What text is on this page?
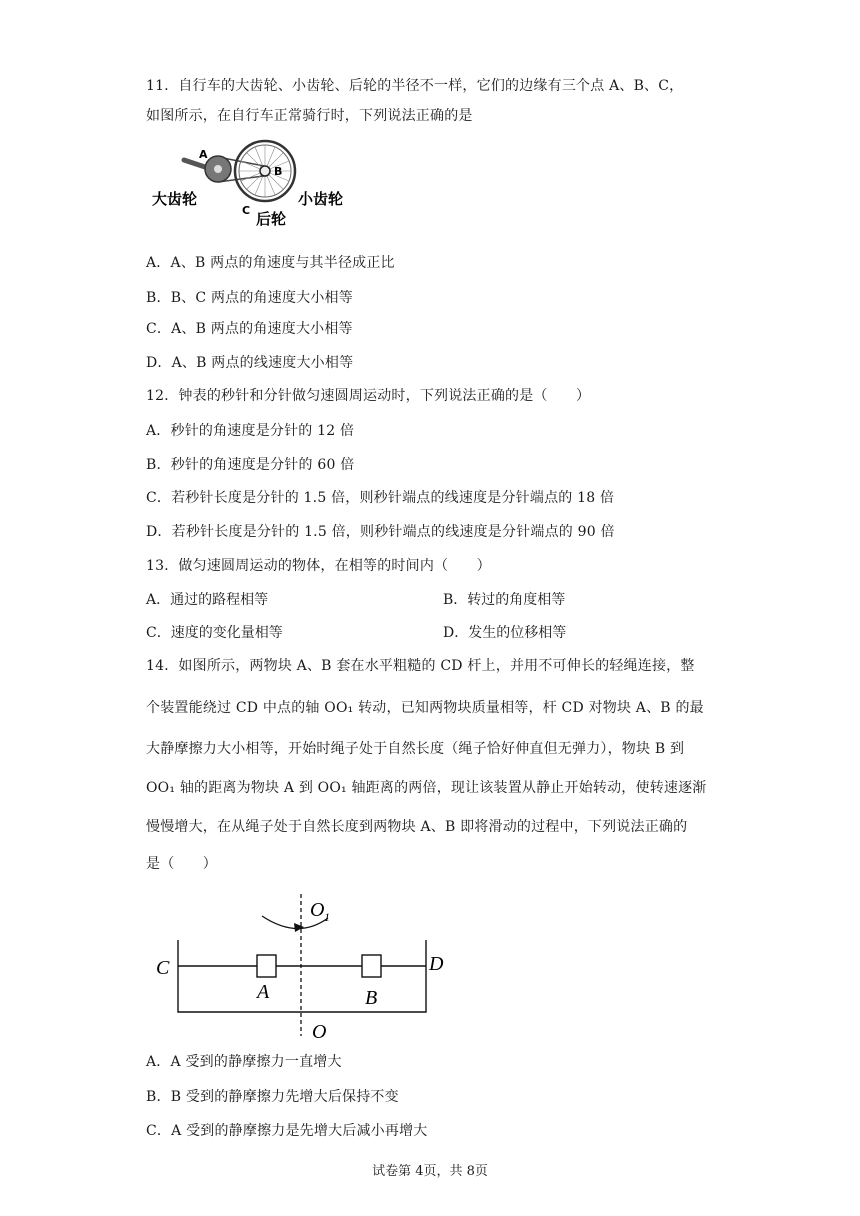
11．自行车的大齿轮、小齿轮、后轮的半径不一样，它们的边缘有三个点 A、B、C，
如图所示，在自行车正常骑行时，下列说法正确的是
A
B
C
大齿轮	小齿轮
后轮
A．A、B 两点的角速度与其半径成正比
B．B、C 两点的角速度大小相等
C．A、B 两点的角速度大小相等
D．A、B 两点的线速度大小相等
12．钟表的秒针和分针做匀速圆周运动时，下列说法正确的是（　　）
A．秒针的角速度是分针的 12 倍
B．秒针的角速度是分针的 60 倍
C．若秒针长度是分针的 1.5 倍，则秒针端点的线速度是分针端点的 18 倍
D．若秒针长度是分针的 1.5 倍，则秒针端点的线速度是分针端点的 90 倍
13．做匀速圆周运动的物体，在相等的时间内（　　）
A．通过的路程相等	B．转过的角度相等
C．速度的变化量相等	D．发生的位移相等
14．如图所示，两物块 A、B 套在水平粗糙的 CD 杆上，并用不可伸长的轻绳连接，整
个装置能绕过 CD 中点的轴 OO₁ 转动，已知两物块质量相等，杆 CD 对物块 A、B 的最
大静摩擦力大小相等，开始时绳子处于自然长度（绳子恰好伸直但无弹力），物块 B 到
OO₁ 轴的距离为物块 A 到 OO₁ 轴距离的两倍，现让该装置从静止开始转动，使转速逐渐
慢慢增大，在从绳子处于自然长度到两物块 A、B 即将滑动的过程中，下列说法正确的
是（　　）
O 1
O
C	D
A	B
A．A 受到的静摩擦力一直增大
B．B 受到的静摩擦力先增大后保持不变
C．A 受到的静摩擦力是先增大后减小再增大
试卷第 4页，共 8页
